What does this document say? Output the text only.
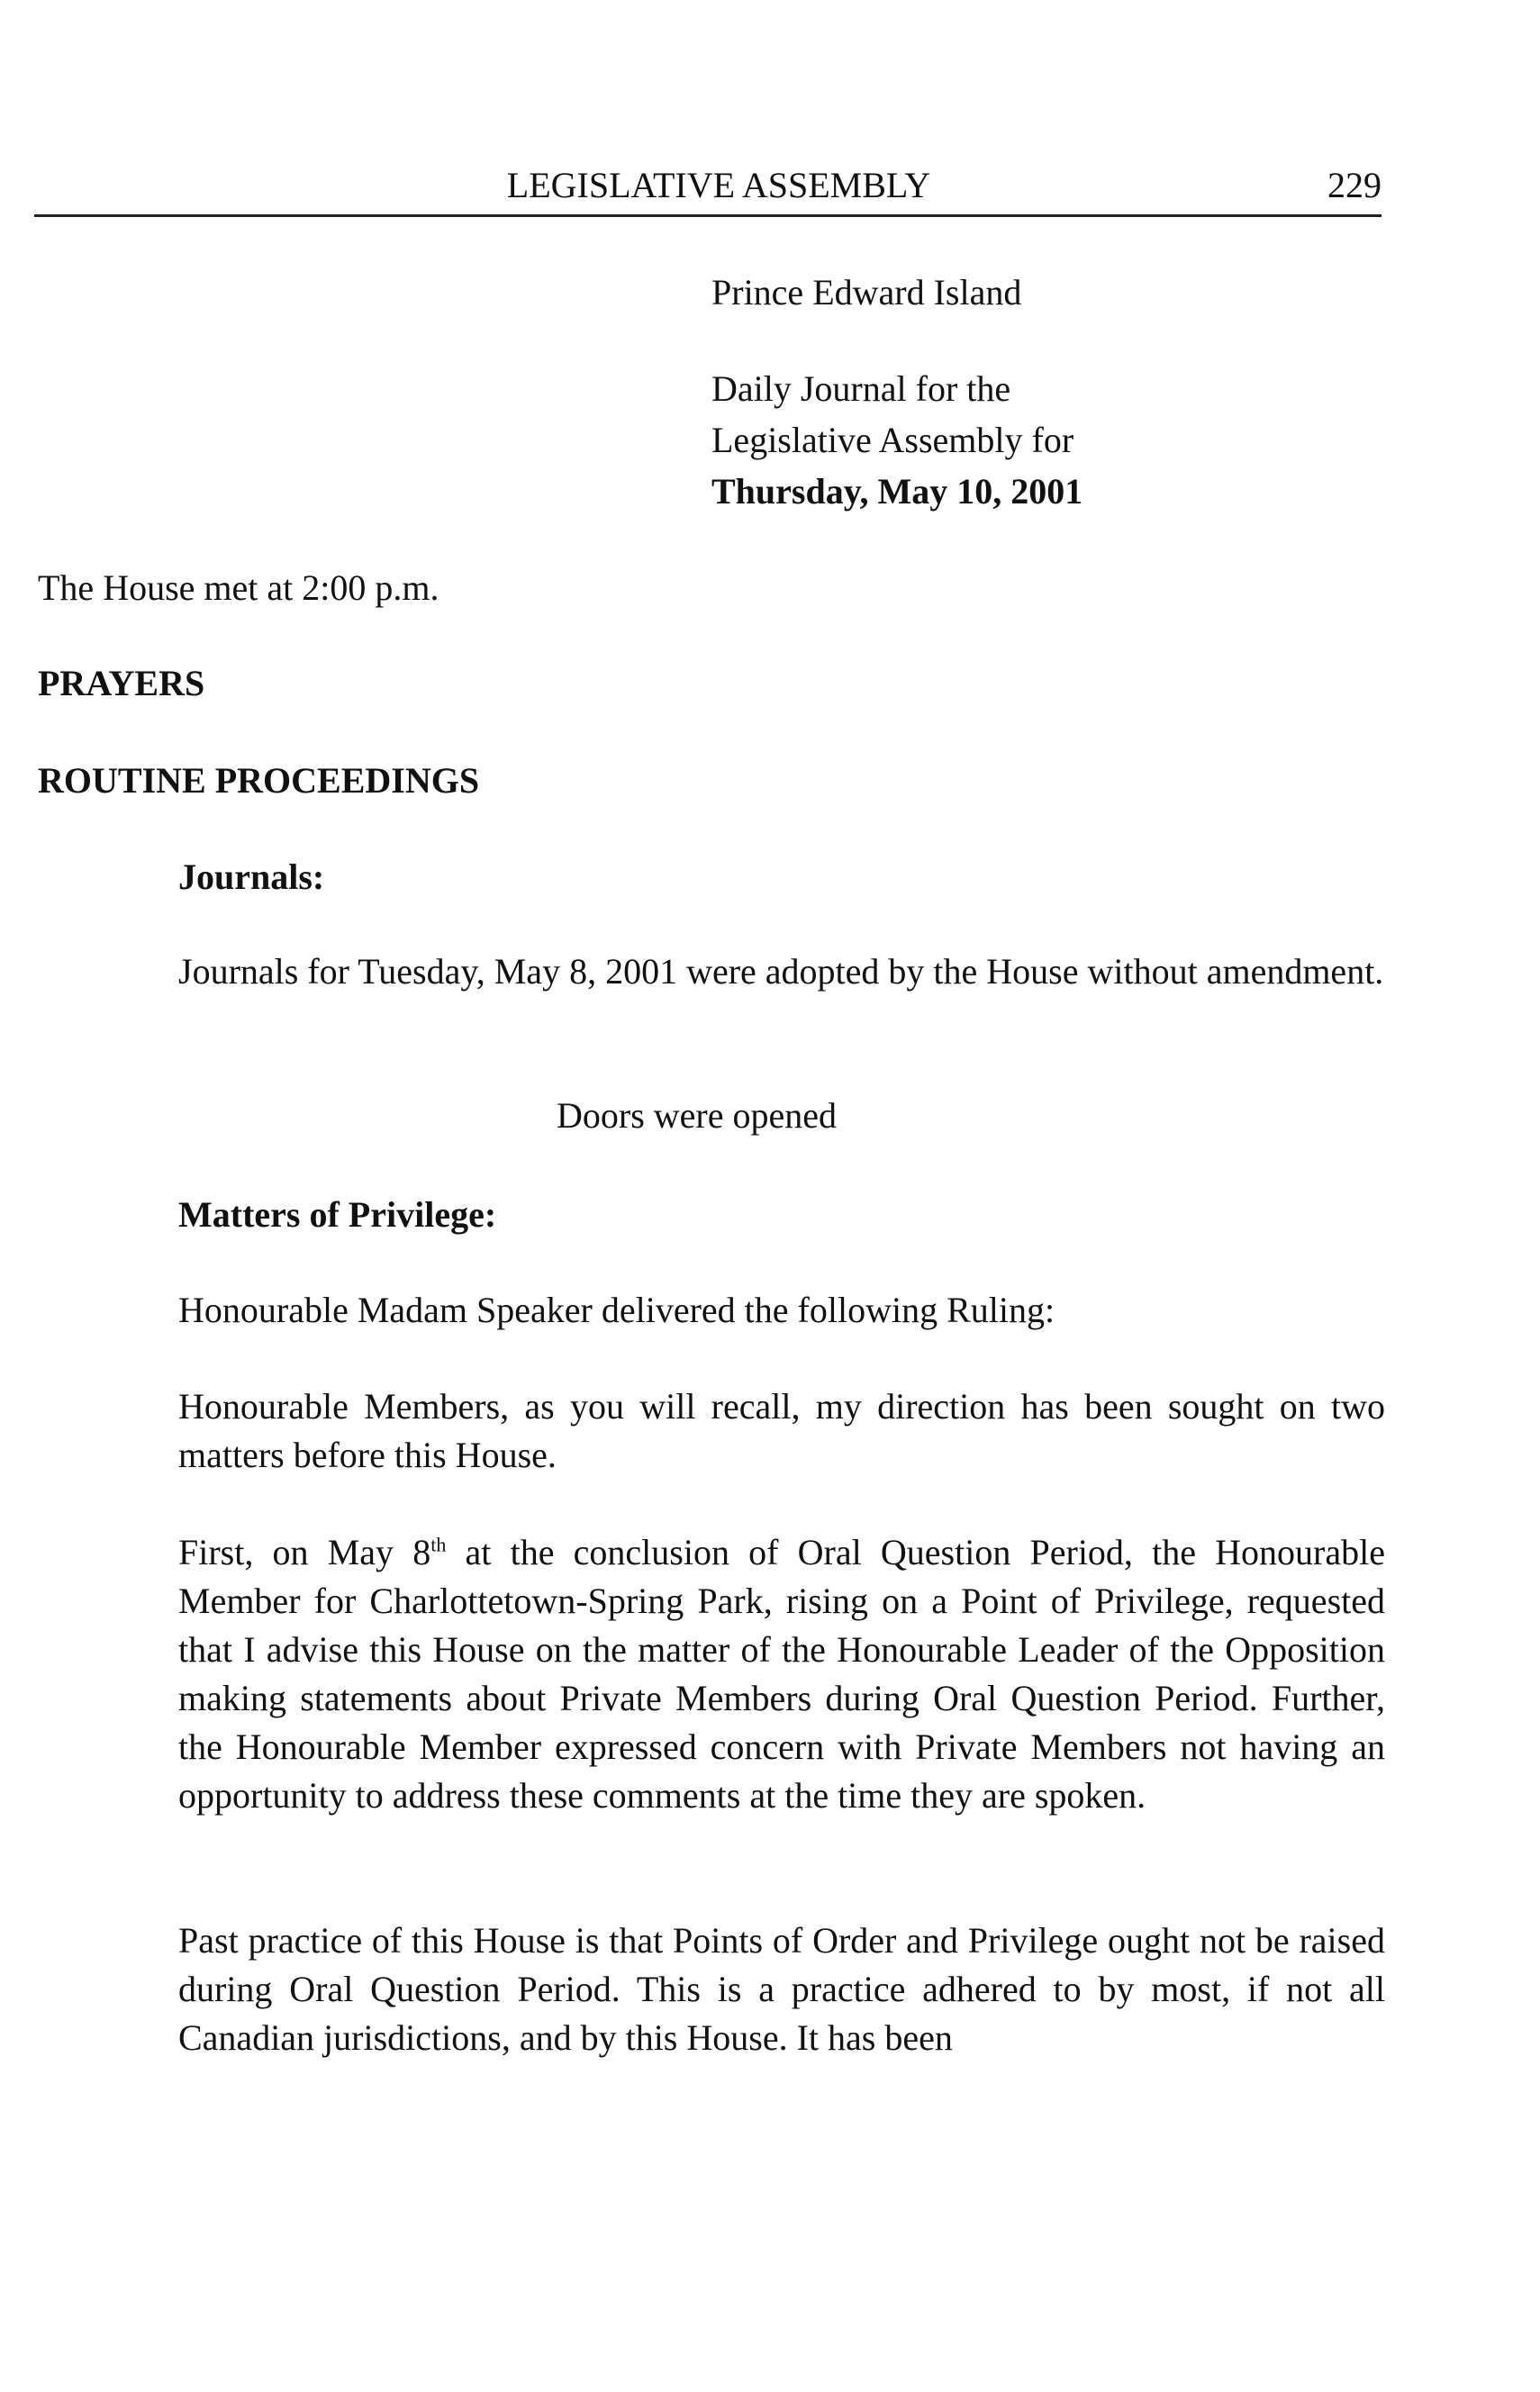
LEGISLATIVE ASSEMBLY	229
Prince Edward Island
Daily Journal for the
Legislative Assembly for
Thursday, May 10, 2001
The House met at 2:00 p.m.
PRAYERS
ROUTINE PROCEEDINGS
Journals:
Journals for Tuesday, May 8, 2001 were adopted by the House without amendment.
Doors were opened
Matters of Privilege:
Honourable Madam Speaker delivered the following Ruling:
Honourable Members, as you will recall, my direction has been sought on two matters before this House.
First, on May 8th at the conclusion of Oral Question Period, the Honourable Member for Charlottetown-Spring Park, rising on a Point of Privilege, requested that I advise this House on the matter of the Honourable Leader of the Opposition making statements about Private Members during Oral Question Period. Further, the Honourable Member expressed concern with Private Members not having an opportunity to address these comments at the time they are spoken.
Past practice of this House is that Points of Order and Privilege ought not be raised during Oral Question Period. This is a practice adhered to by most, if not all Canadian jurisdictions, and by this House. It has been
